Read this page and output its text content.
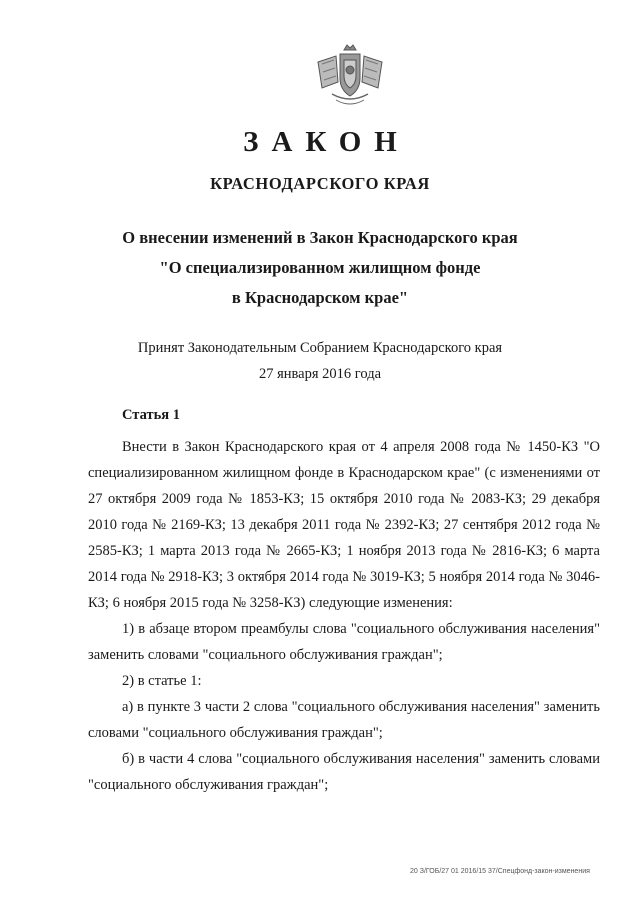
ЗАКОН
КРАСНОДАРСКОГО КРАЯ
О внесении изменений в Закон Краснодарского края
"О специализированном жилищном фонде
в Краснодарском крае"
Принят Законодательным Собранием Краснодарского края
27 января 2016 года
Статья 1

Внести в Закон Краснодарского края от 4 апреля 2008 года № 1450-КЗ "О специализированном жилищном фонде в Краснодарском крае" (с изменениями от 27 октября 2009 года № 1853-КЗ; 15 октября 2010 года № 2083-КЗ; 29 декабря 2010 года № 2169-КЗ; 13 декабря 2011 года № 2392-КЗ; 27 сентября 2012 года № 2585-КЗ; 1 марта 2013 года № 2665-КЗ; 1 ноября 2013 года № 2816-КЗ; 6 марта 2014 года № 2918-КЗ; 3 октября 2014 года № 3019-КЗ; 5 ноября 2014 года № 3046-КЗ; 6 ноября 2015 года № 3258-КЗ) следующие изменения:

1) в абзаце втором преамбулы слова "социального обслуживания населения" заменить словами "социального обслуживания граждан";

2) в статье 1:

а) в пункте 3 части 2 слова "социального обслуживания населения" заменить словами "социального обслуживания граждан";

б) в части 4 слова "социального обслуживания населения" заменить словами "социального обслуживания граждан";

20 З/ГОБ/27 01 2016/15 37/Спецфонд-закон-изменения
